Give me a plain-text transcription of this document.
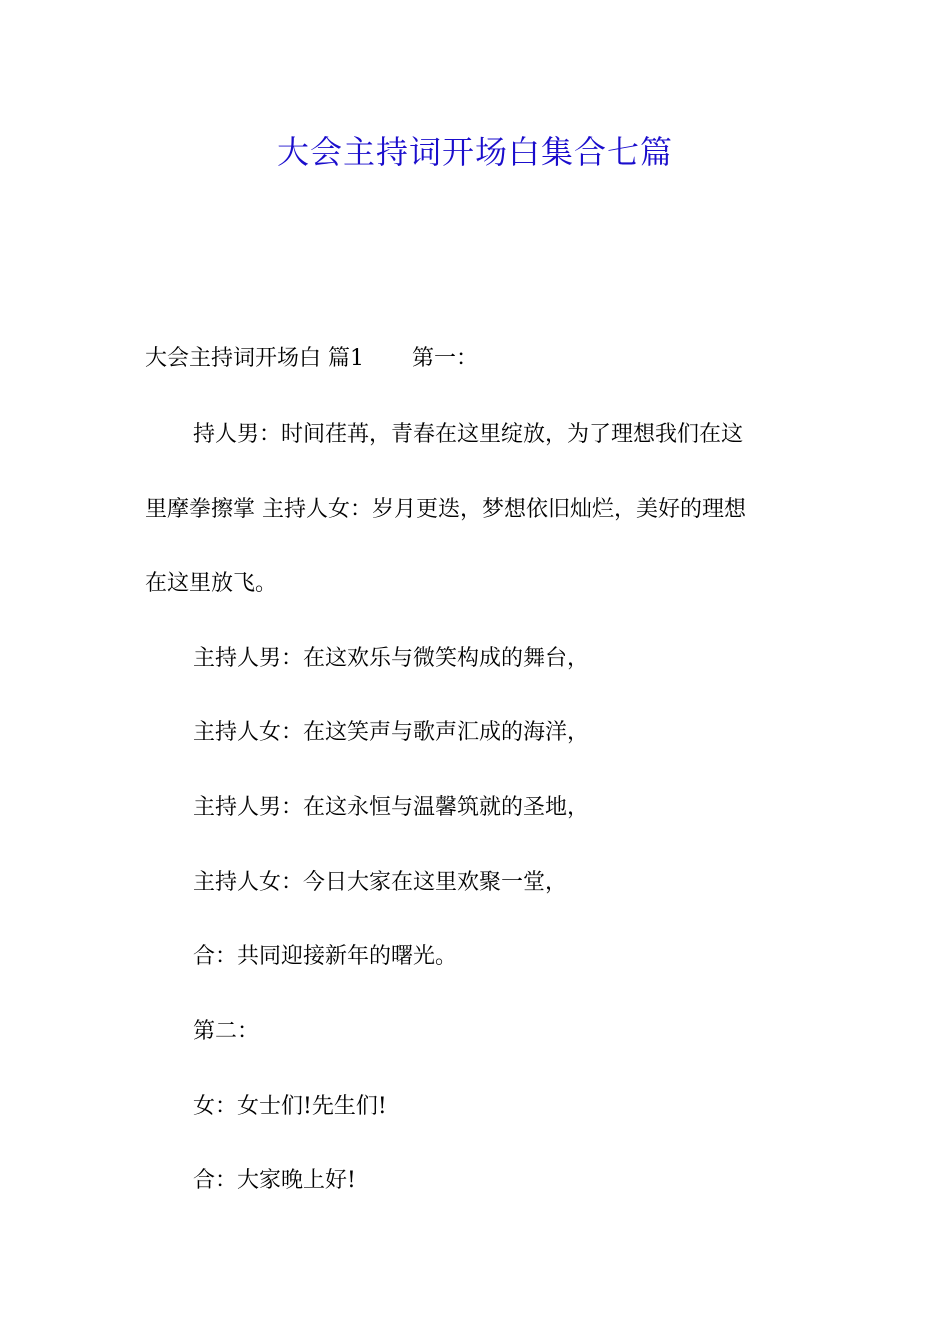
大会主持词开场白集合七篇
大会主持词开场白 篇1 第一：
持人男：时间荏苒，青春在这里绽放，为了理想我们在这
里摩拳擦掌 主持人女：岁月更迭，梦想依旧灿烂，美好的理想
在这里放飞。
主持人男：在这欢乐与微笑构成的舞台，
主持人女：在这笑声与歌声汇成的海洋，
主持人男：在这永恒与温馨筑就的圣地，
主持人女：今日大家在这里欢聚一堂，
合：共同迎接新年的曙光。
第二：
女：女士们!先生们!
合：大家晚上好!
